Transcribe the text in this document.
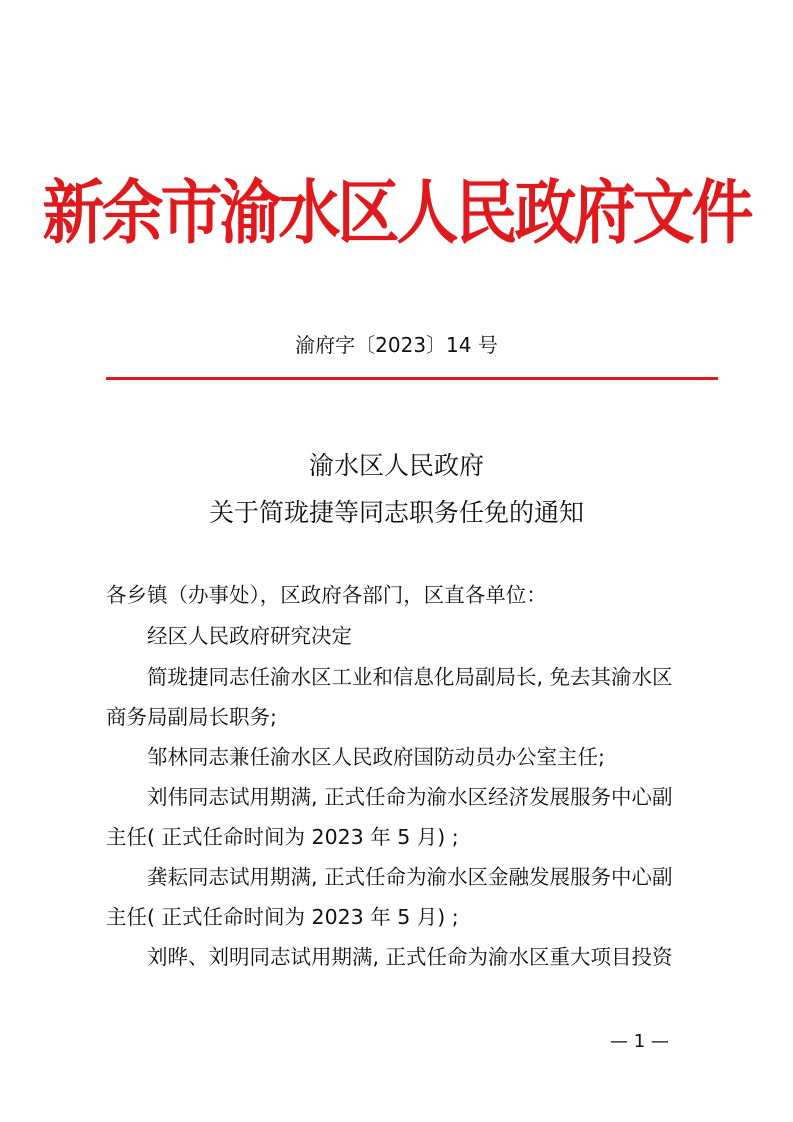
新余市渝水区人民政府文件
渝府字〔2023〕14 号
渝水区人民政府
关于简珑捷等同志职务任免的通知
各乡镇（办事处），区政府各部门，区直各单位：
经区人民政府研究决定
简珑捷同志任渝水区工业和信息化局副局长, 免去其渝水区
商务局副局长职务;
邹林同志兼任渝水区人民政府国防动员办公室主任;
刘伟同志试用期满, 正式任命为渝水区经济发展服务中心副
主任( 正式任命时间为 2023 年 5 月) ;
龚耘同志试用期满, 正式任命为渝水区金融发展服务中心副
主任( 正式任命时间为 2023 年 5 月) ;
刘晔、刘明同志试用期满, 正式任命为渝水区重大项目投资
— 1 —
